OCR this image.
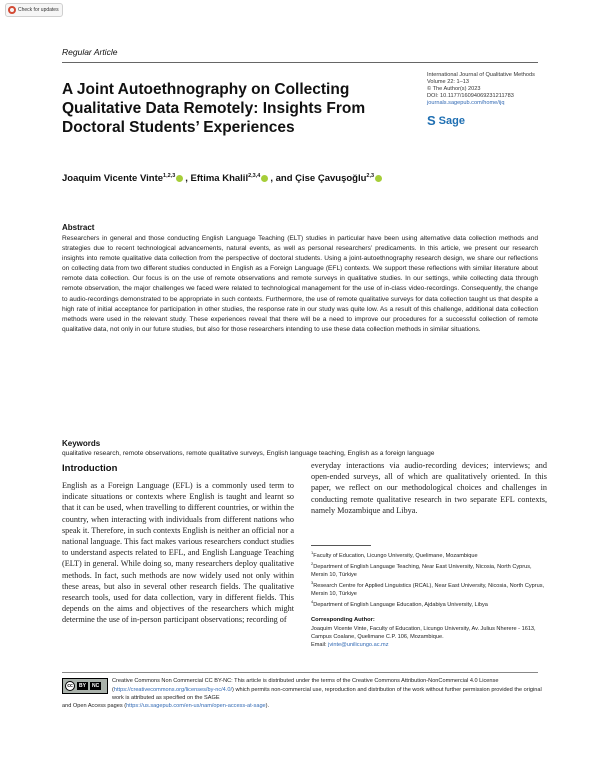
Check for updates
Regular Article
A Joint Autoethnography on Collecting Qualitative Data Remotely: Insights From Doctoral Students’ Experiences
International Journal of Qualitative Methods
Volume 22: 1–13
© The Author(s) 2023
DOI: 10.1177/16094069231211783
journals.sagepub.com/home/ijq
S Sage
Joaquim Vicente Vinte$^{1,2,3}$ , Eftima Khalil$^{2,3,4}$ , and Çise Çavuşoğlu$^{2,3}$
Abstract
Researchers in general and those conducting English Language Teaching (ELT) studies in particular have been using alternative data collection methods and strategies due to recent technological advancements, natural events, as well as personal researchers’ predicaments. In this article, we present our research insights into remote qualitative data collection from the perspective of doctoral students. Using a joint-autoethnography research design, we share our reflections on collecting data from two different studies conducted in English as a Foreign Language (EFL) contexts. We support these reflections with similar literature about remote data collection. Our focus is on the use of remote observations and remote surveys in qualitative studies. In our settings, while collecting data through remote observation, the major challenges we faced were related to technological management for the use of in-class video-recordings. Consequently, the change to audio-recordings demonstrated to be appropriate in such contexts. Furthermore, the use of remote qualitative surveys for data collection taught us that despite a high rate of initial acceptance for participation in other studies, the response rate in our study was quite low. As a result of this challenge, additional data collection methods were used in the relevant study. These experiences reveal that there will be a need to improve our procedures for a successful collection of remote qualitative data, not only in our future studies, but also for those researchers intending to use these data collection methods in similar situations.
Keywords
qualitative research, remote observations, remote qualitative surveys, English language teaching, English as a foreign language
Introduction
English as a Foreign Language (EFL) is a commonly used term to indicate situations or contexts where English is taught and learnt so that it can be used, when travelling to different countries, or within the country, when interacting with individuals from different nations who speak it. Therefore, in such contexts English is neither an official nor a national language. This fact makes various researchers conduct studies to understand aspects related to EFL, and English Language Teaching (ELT) in general. While doing so, many researchers deploy qualitative methods. In fact, such methods are now widely used not only within these areas, but also in several other research fields. The qualitative research tools, used for data collection, vary in different fields. This depends on the aims and objectives of the researchers which might determine the use of in-person participant observations; recording of
everyday interactions via audio-recording devices; interviews; and open-ended surveys, all of which are qualitatively oriented. In this paper, we reflect on our methodological choices and challenges in conducting remote qualitative research in two separate EFL contexts, namely Mozambique and Libya.

$^1$Faculty of Education, Licungo University, Quelimane, Mozambique

$^2$Department of English Language Teaching, Near East University, Nicosia, North Cyprus, Mersin 10, Türkiye

$^3$Research Centre for Applied Linguistics (RCAL), Near East University, Nicosia, North Cyprus, Mersin 10, Türkiye

$^4$Department of English Language Education, Ajdabiya University, Libya

Corresponding Author:
Joaquim Vicente Vinte, Faculty of Education, Licungo University, Av. Julius Nherere - 1613, Campus Coalane, Quelimane C.P. 106, Mozambique.
Email: jvinte@unilicungo.ac.mz
cc	BY	NC
Creative Commons Non Commercial CC BY-NC: This article is distributed under the terms of the Creative Commons Attribution-NonCommercial 4.0 License (https://creativecommons.org/licenses/by-nc/4.0/) which permits non-commercial use, reproduction and distribution of the work without further permission provided the original work is attributed as specified on the SAGE
and Open Access pages (https://us.sagepub.com/en-us/nam/open-access-at-sage).
